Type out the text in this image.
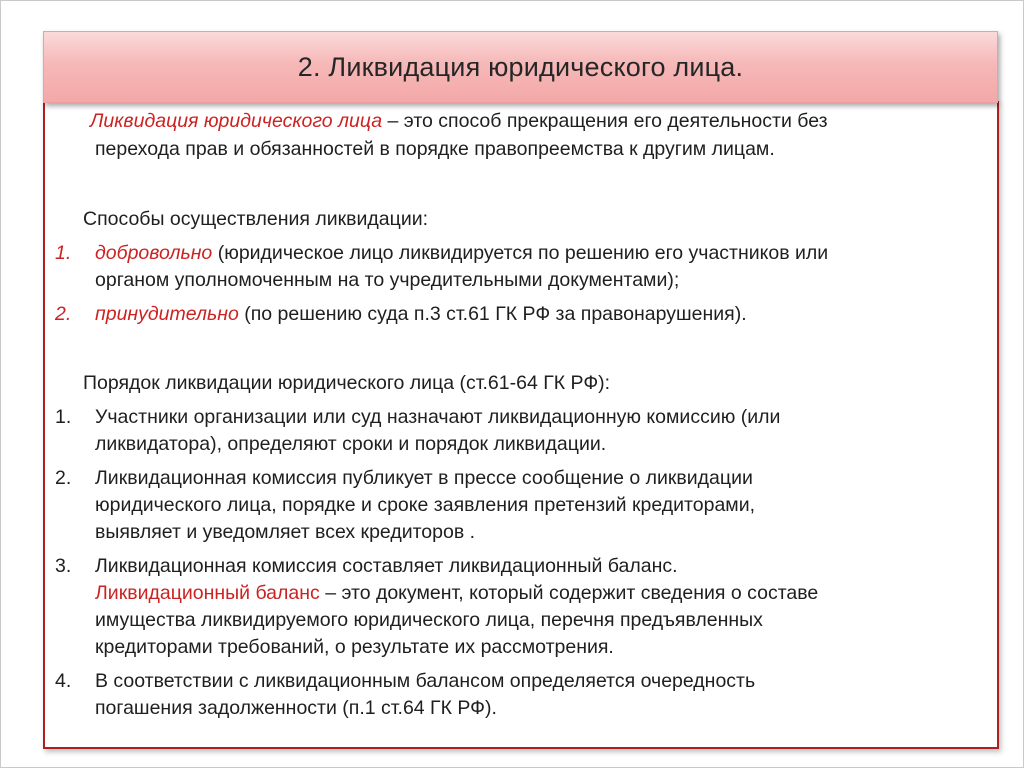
2. Ликвидация юридического лица.
Ликвидация юридического лица – это способ прекращения его деятельности без
перехода прав и обязанностей в порядке правопреемства к другим лицам.
Способы осуществления ликвидации:
1. добровольно (юридическое лицо ликвидируется по решению его участников или
органом уполномоченным на то учредительными документами);
2. принудительно (по решению суда п.3 ст.61 ГК РФ за правонарушения).
Порядок ликвидации юридического лица (ст.61-64 ГК РФ):
1. Участники организации или суд назначают ликвидационную комиссию (или
ликвидатора), определяют сроки и порядок ликвидации.
2. Ликвидационная комиссия публикует в прессе сообщение о ликвидации
юридического лица, порядке и сроке заявления претензий кредиторами,
выявляет и уведомляет всех кредиторов .
3. Ликвидационная комиссия составляет ликвидационный баланс.
Ликвидационный баланс – это документ, который содержит сведения о составе
имущества ликвидируемого юридического лица, перечня предъявленных
кредиторами требований, о результате их рассмотрения.
4. В соответствии с ликвидационным балансом определяется очередность
погашения задолженности (п.1 ст.64 ГК РФ).
